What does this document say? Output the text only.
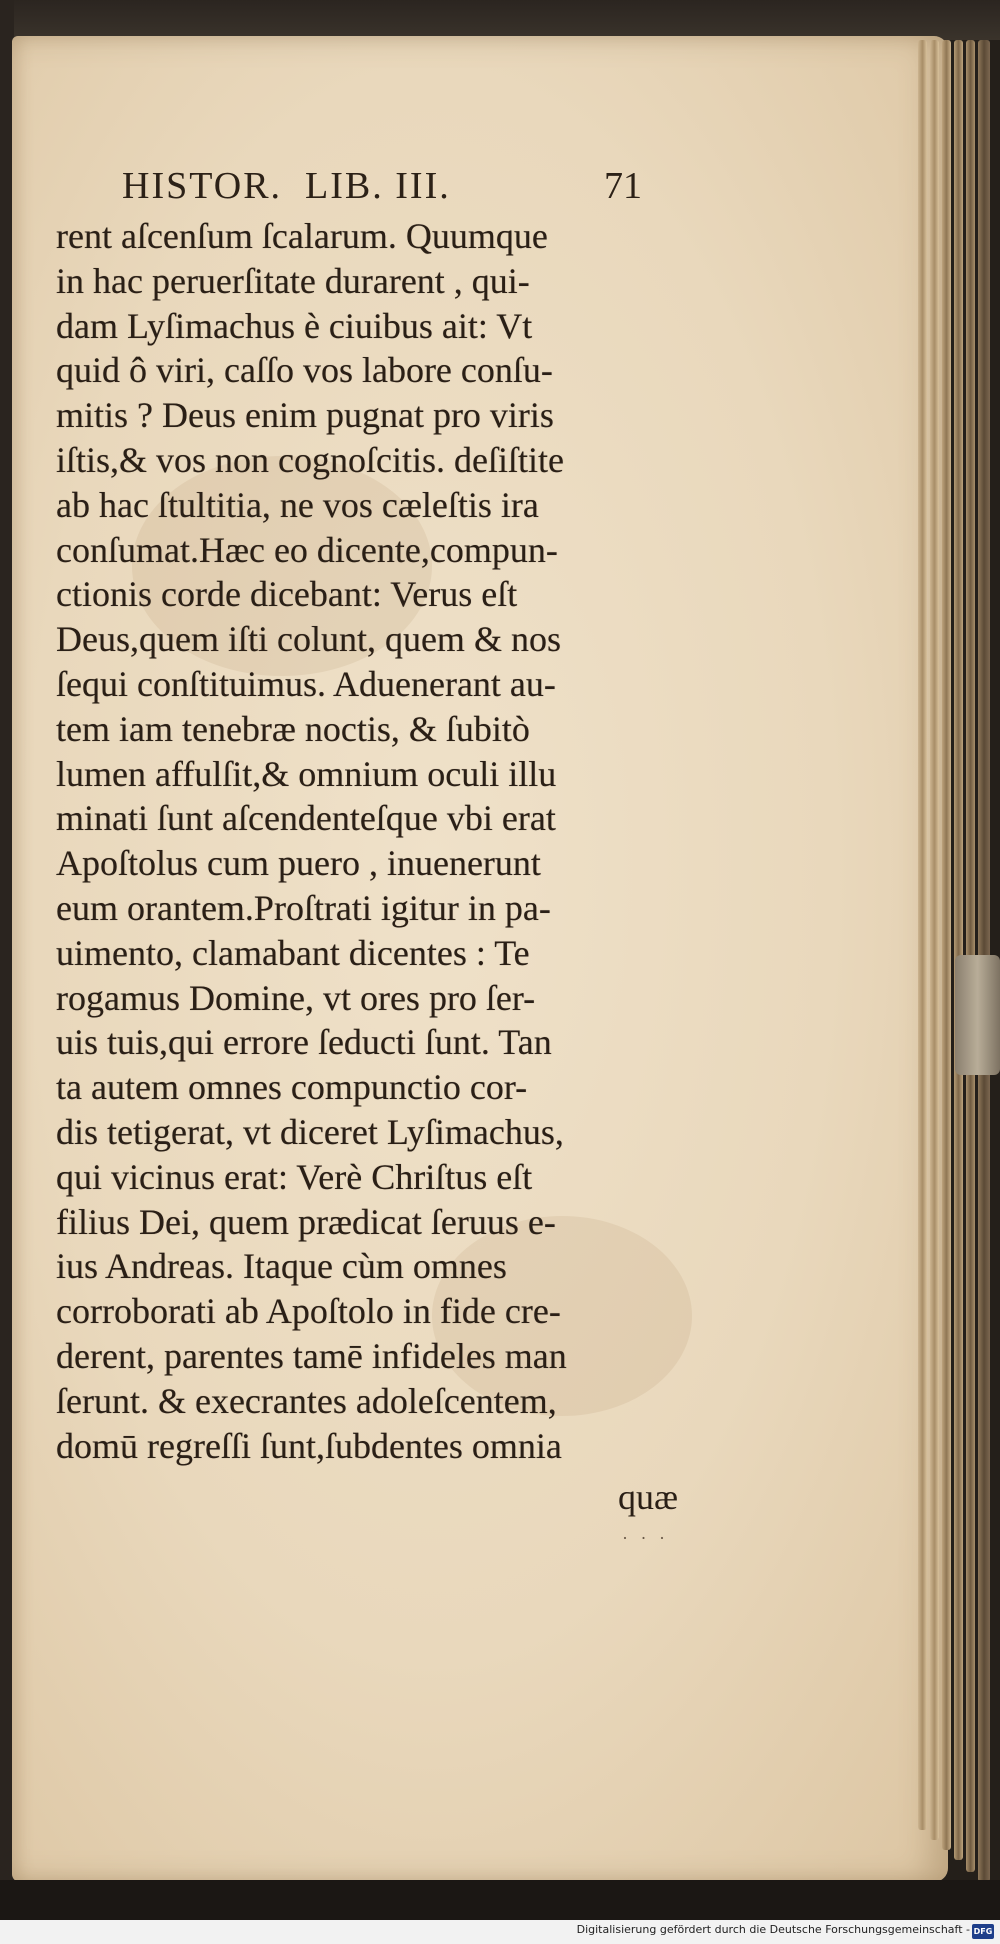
HISTOR.  LIB. III.	71
rent aſcenſum ſcalarum. Quumque
in hac peruerſitate durarent , qui-
dam Lyſimachus è ciuibus ait: Vt
quid ô viri, caſſo vos labore conſu-
mitis ? Deus enim pugnat pro viris
iſtis,& vos non cognoſcitis. deſiſtite
ab hac ſtultitia, ne vos cæleſtis ira
conſumat.Hæc eo dicente,compun-
ctionis corde dicebant: Verus eſt
Deus,quem iſti colunt, quem & nos
ſequi conſtituimus. Aduenerant au-
tem iam tenebræ noctis, & ſubitò
lumen affulſit,& omnium oculi illu
minati ſunt aſcendenteſque vbi erat
Apoſtolus cum puero , inuenerunt
eum orantem.Proſtrati igitur in pa-
uimento, clamabant dicentes : Te
rogamus Domine, vt ores pro ſer-
uis tuis,qui errore ſeducti ſunt. Tan
ta autem omnes compunctio cor-
dis tetigerat, vt diceret Lyſimachus,
qui vicinus erat: Verè Chriſtus eſt
filius Dei, quem prædicat ſeruus e-
ius Andreas. Itaque cùm omnes
corroborati ab Apoſtolo in fide cre-
derent, parentes tamē infideles man
ſerunt. & execrantes adoleſcentem,
domū regreſſi ſunt,ſubdentes omnia
quæ
· · ·
Digitalisierung gefördert durch die Deutsche Forschungsgemeinschaft - DFG
